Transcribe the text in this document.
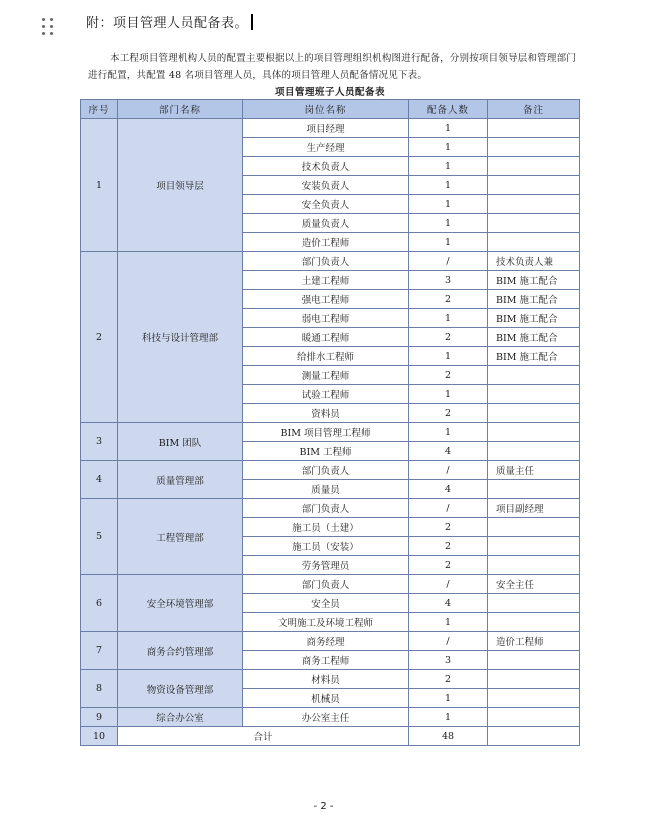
附：项目管理人员配备表。

本工程项目管理机构人员的配置主要根据以上的项目管理组织机构图进行配备，分别按项目领导层和管理部门进行配置，共配置 48 名项目管理人员，具体的项目管理人员配备情况见下表。

项目管理班子人员配备表
序号	部门名称	岗位名称	配备人数	备注
1	项目领导层	项目经理	1	
		生产经理	1	
		技术负责人	1	
		安装负责人	1	
		安全负责人	1	
		质量负责人	1	
		造价工程师	1	
2	科技与设计管理部	部门负责人	/	技术负责人兼
		土建工程师	3	BIM 施工配合
		强电工程师	2	BIM 施工配合
		弱电工程师	1	BIM 施工配合
		暖通工程师	2	BIM 施工配合
		给排水工程师	1	BIM 施工配合
		测量工程师	2	
		试验工程师	1	
		资料员	2	
3	BIM 团队	BIM 项目管理工程师	1	
		BIM 工程师	4	
4	质量管理部	部门负责人	/	质量主任
		质量员	4	
5	工程管理部	部门负责人	/	项目副经理
		施工员（土建）	2	
		施工员（安装）	2	
		劳务管理员	2	
6	安全环境管理部	部门负责人	/	安全主任
		安全员	4	
		文明施工及环境工程师	1	
7	商务合约管理部	商务经理	/	造价工程师
		商务工程师	3	
8	物资设备管理部	材料员	2	
		机械员	1	
9	综合办公室	办公室主任	1	
10	合计		48	
- 2 -
